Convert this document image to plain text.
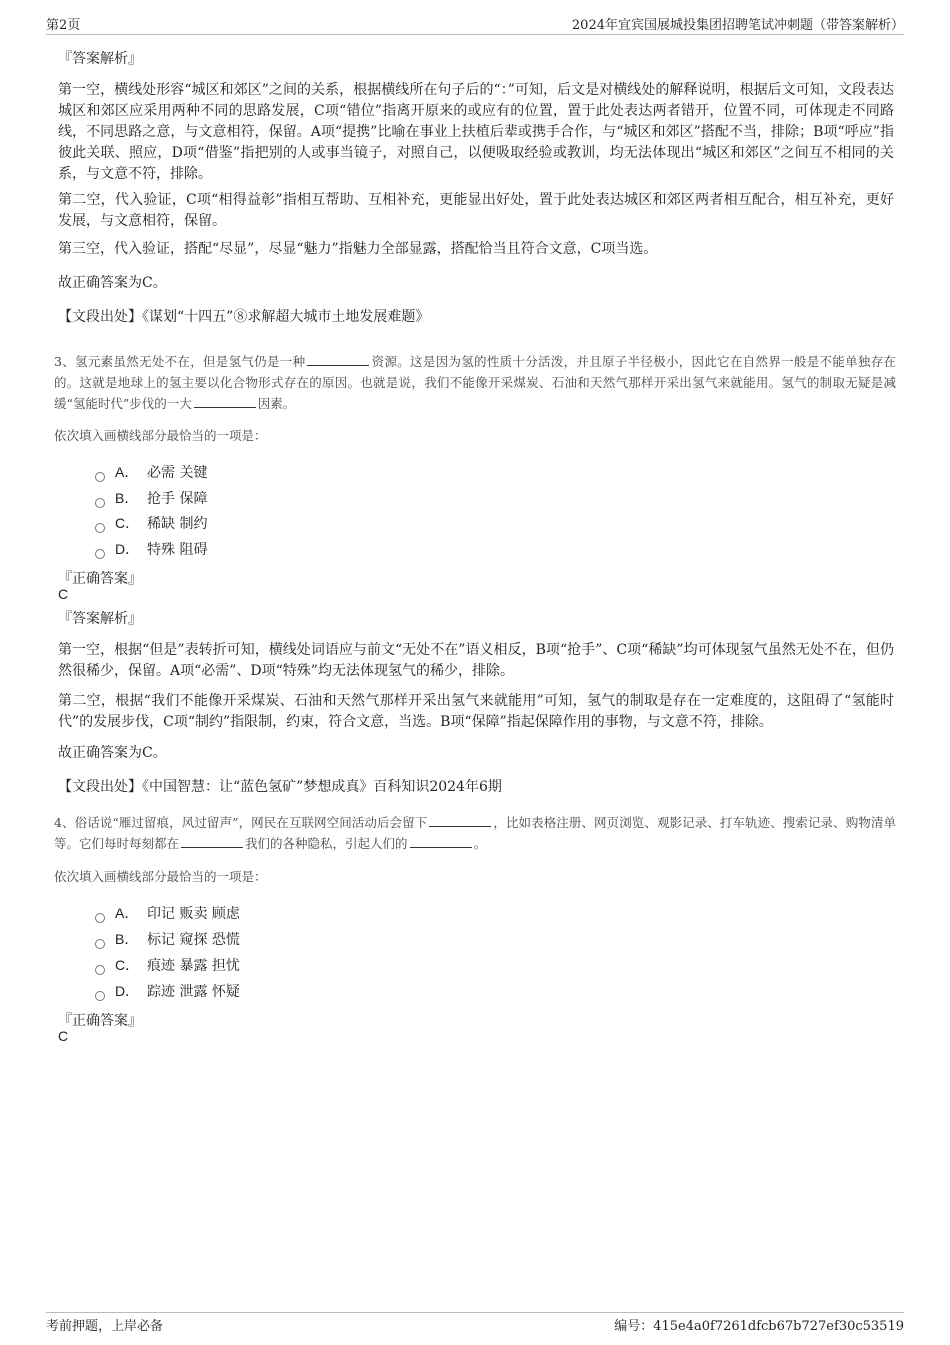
第2页	2024年宜宾国展城投集团招聘笔试冲刺题（带答案解析）
『答案解析』
第一空，横线处形容“城区和郊区”之间的关系，根据横线所在句子后的“：”可知，后文是对横线处的解释说明，根据后文可知，文段表达城区和郊区应采用两种不同的思路发展，C项“错位”指离开原来的或应有的位置，置于此处表达两者错开，位置不同，可体现走不同路线，不同思路之意，与文意相符，保留。A项“提携”比喻在事业上扶植后辈或携手合作，与“城区和郊区”搭配不当，排除；B项“呼应”指彼此关联、照应，D项“借鉴”指把别的人或事当镜子，对照自己，以便吸取经验或教训，均无法体现出“城区和郊区”之间互不相同的关系，与文意不符，排除。
第二空，代入验证，C项“相得益彰”指相互帮助、互相补充，更能显出好处，置于此处表达城区和郊区两者相互配合，相互补充，更好发展，与文意相符，保留。
第三空，代入验证，搭配“尽显”，尽显“魅力”指魅力全部显露，搭配恰当且符合文意，C项当选。
故正确答案为C。
【文段出处】《谋划“十四五”⑧求解超大城市土地发展难题》
3、氢元素虽然无处不在，但是氢气仍是一种	资源。这是因为氢的性质十分活泼，并且原子半径极小，因此它在自然界一般是不能单独存在的。这就是地球上的氢主要以化合物形式存在的原因。也就是说，我们不能像开采煤炭、石油和天然气那样开采出氢气来就能用。氢气的制取无疑是减缓“氢能时代”步伐的一大	因素。
依次填入画横线部分最恰当的一项是：
A． 必需 关键
B． 抢手 保障
C． 稀缺 制约
D． 特殊 阻碍
『正确答案』
C
『答案解析』
第一空，根据“但是”表转折可知，横线处词语应与前文“无处不在”语义相反，B项“抢手”、C项“稀缺”均可体现氢气虽然无处不在，但仍然很稀少，保留。A项“必需”、D项“特殊”均无法体现氢气的稀少，排除。
第二空，根据“我们不能像开采煤炭、石油和天然气那样开采出氢气来就能用”可知，氢气的制取是存在一定难度的，这阻碍了“氢能时代”的发展步伐，C项“制约”指限制，约束，符合文意，当选。B项“保障”指起保障作用的事物，与文意不符，排除。
故正确答案为C。
【文段出处】《中国智慧：让“蓝色氢矿”梦想成真》百科知识2024年6期
4、俗话说“雁过留痕，风过留声”，网民在互联网空间活动后会留下	，比如表格注册、网页浏览、观影记录、打车轨迹、搜索记录、购物清单等。它们每时每刻都在	我们的各种隐私，引起人们的	。
依次填入画横线部分最恰当的一项是：
A． 印记 贩卖 顾虑
B． 标记 窥探 恐慌
C． 痕迹 暴露 担忧
D． 踪迹 泄露 怀疑
『正确答案』
C
考前押题，上岸必备	编号：415e4a0f7261dfcb67b727ef30c53519
